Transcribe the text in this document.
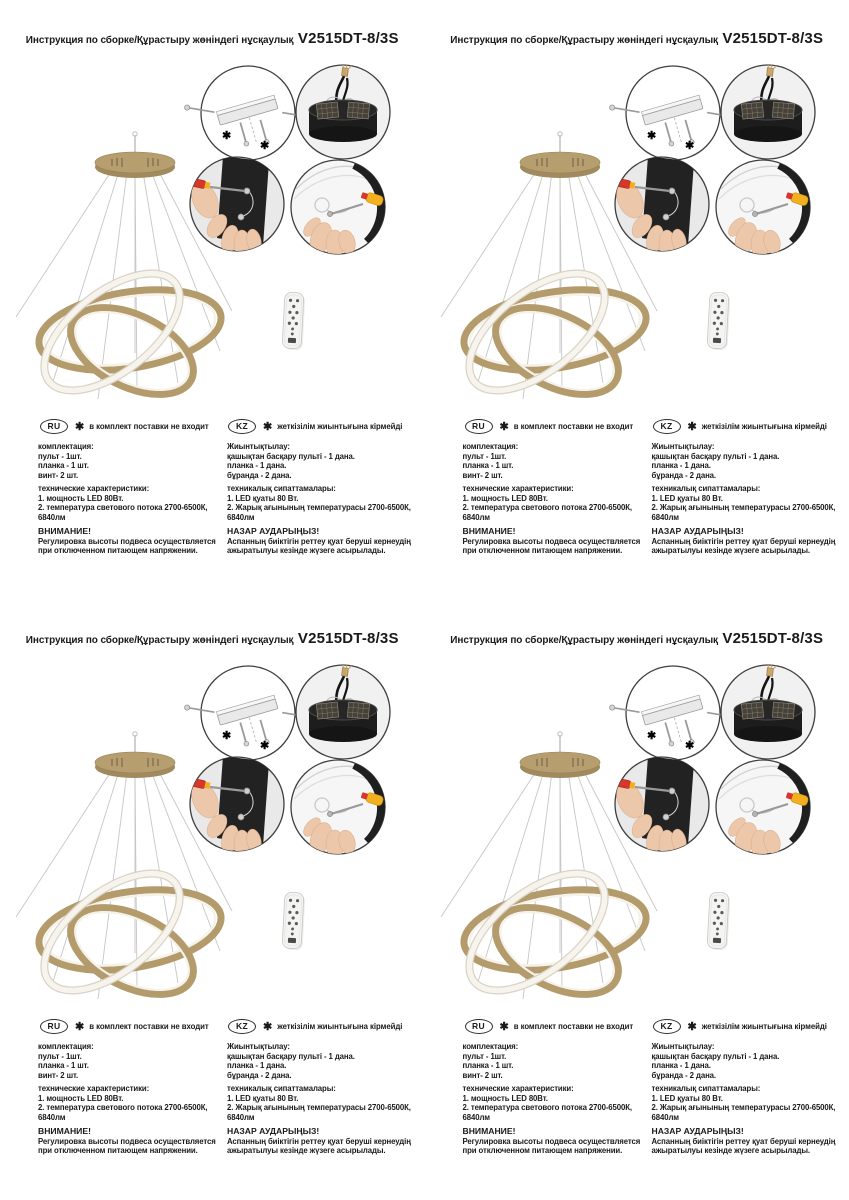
Инструкция по сборке/Құрастыру жөніндегі нұсқаулық V2515DT-8/3S
✱
✱
RU	✱ в комплект поставки не входит	KZ	✱ жеткізілім жиынтығына кірмейді
комплектация:
пульт - 1шт.
планка - 1 шт.
винт- 2 шт.
технические характеристики:
1. мощность LED 80Вт.
2. температура светового потока 2700-6500К,
6840лм
ВНИМАНИЕ!
Регулировка высоты подвеса осуществляется
при отключенном питающем напряжении.
Жиынтықтылау:
қашықтан басқару пульті - 1 дана.
планка - 1 дана.
бұранда - 2 дана.
техникалық сипаттамалары:
1. LED қуаты 80 Вт.
2. Жарық ағынының температурасы 2700-6500К,
6840лм
НАЗАР АУДАРЫҢЫЗ!
Аспанның биіктігін реттеу қуат беруші кернеудің
ажыратылуы кезінде жүзеге асырылады.
Инструкция по сборке/Құрастыру жөніндегі нұсқаулық V2515DT-8/3S
✱
✱
RU	✱ в комплект поставки не входит	KZ	✱ жеткізілім жиынтығына кірмейді
комплектация:
пульт - 1шт.
планка - 1 шт.
винт- 2 шт.
технические характеристики:
1. мощность LED 80Вт.
2. температура светового потока 2700-6500К,
6840лм
ВНИМАНИЕ!
Регулировка высоты подвеса осуществляется
при отключенном питающем напряжении.
Жиынтықтылау:
қашықтан басқару пульті - 1 дана.
планка - 1 дана.
бұранда - 2 дана.
техникалық сипаттамалары:
1. LED қуаты 80 Вт.
2. Жарық ағынының температурасы 2700-6500К,
6840лм
НАЗАР АУДАРЫҢЫЗ!
Аспанның биіктігін реттеу қуат беруші кернеудің
ажыратылуы кезінде жүзеге асырылады.
Инструкция по сборке/Құрастыру жөніндегі нұсқаулық V2515DT-8/3S
✱
✱
RU	✱ в комплект поставки не входит	KZ	✱ жеткізілім жиынтығына кірмейді
комплектация:
пульт - 1шт.
планка - 1 шт.
винт- 2 шт.
технические характеристики:
1. мощность LED 80Вт.
2. температура светового потока 2700-6500К,
6840лм
ВНИМАНИЕ!
Регулировка высоты подвеса осуществляется
при отключенном питающем напряжении.
Жиынтықтылау:
қашықтан басқару пульті - 1 дана.
планка - 1 дана.
бұранда - 2 дана.
техникалық сипаттамалары:
1. LED қуаты 80 Вт.
2. Жарық ағынының температурасы 2700-6500К,
6840лм
НАЗАР АУДАРЫҢЫЗ!
Аспанның биіктігін реттеу қуат беруші кернеудің
ажыратылуы кезінде жүзеге асырылады.
Инструкция по сборке/Құрастыру жөніндегі нұсқаулық V2515DT-8/3S
✱
✱
RU	✱ в комплект поставки не входит	KZ	✱ жеткізілім жиынтығына кірмейді
комплектация:
пульт - 1шт.
планка - 1 шт.
винт- 2 шт.
технические характеристики:
1. мощность LED 80Вт.
2. температура светового потока 2700-6500К,
6840лм
ВНИМАНИЕ!
Регулировка высоты подвеса осуществляется
при отключенном питающем напряжении.
Жиынтықтылау:
қашықтан басқару пульті - 1 дана.
планка - 1 дана.
бұранда - 2 дана.
техникалық сипаттамалары:
1. LED қуаты 80 Вт.
2. Жарық ағынының температурасы 2700-6500К,
6840лм
НАЗАР АУДАРЫҢЫЗ!
Аспанның биіктігін реттеу қуат беруші кернеудің
ажыратылуы кезінде жүзеге асырылады.
